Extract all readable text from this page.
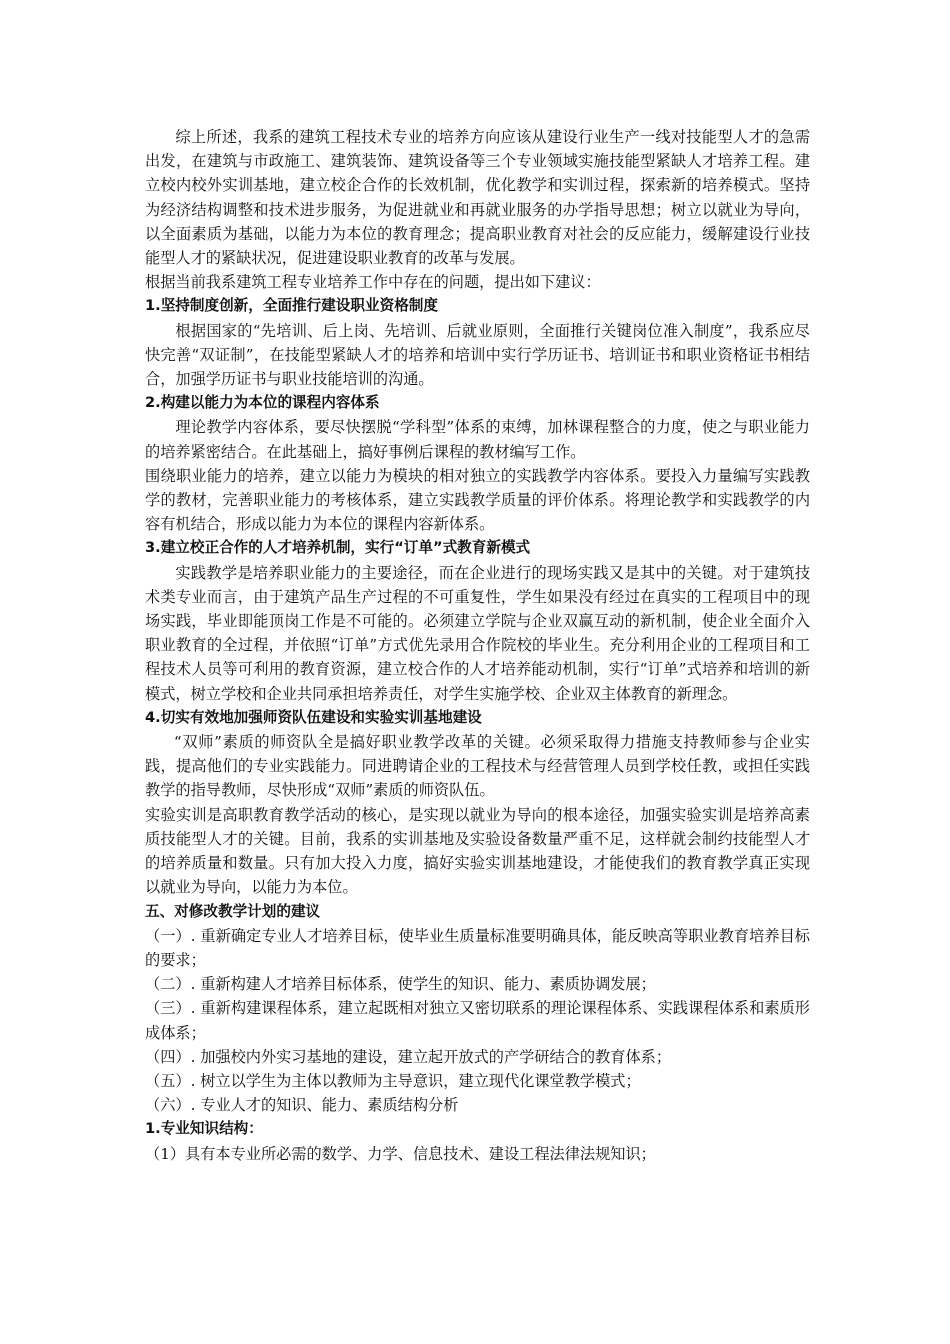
综上所述，我系的建筑工程技术专业的培养方向应该从建设行业生产一线对技能型人才的急需出发，在建筑与市政施工、建筑装饰、建筑设备等三个专业领域实施技能型紧缺人才培养工程。建立校内校外实训基地，建立校企合作的长效机制，优化教学和实训过程，探索新的培养模式。坚持为经济结构调整和技术进步服务，为促进就业和再就业服务的办学指导思想；树立以就业为导向，以全面素质为基础，以能力为本位的教育理念；提高职业教育对社会的反应能力，缓解建设行业技能型人才的紧缺状况，促进建设职业教育的改革与发展。

根据当前我系建筑工程专业培养工作中存在的问题，提出如下建议：

1.坚持制度创新，全面推行建设职业资格制度

根据国家的“先培训、后上岗、先培训、后就业原则，全面推行关键岗位准入制度”，我系应尽快完善“双证制”，在技能型紧缺人才的培养和培训中实行学历证书、培训证书和职业资格证书相结合，加强学历证书与职业技能培训的沟通。

2.构建以能力为本位的课程内容体系

理论教学内容体系，要尽快摆脱“学科型”体系的束缚，加林课程整合的力度，使之与职业能力的培养紧密结合。在此基础上，搞好事例后课程的教材编写工作。

围绕职业能力的培养，建立以能力为模块的相对独立的实践教学内容体系。要投入力量编写实践教学的教材，完善职业能力的考核体系，建立实践教学质量的评价体系。将理论教学和实践教学的内容有机结合，形成以能力为本位的课程内容新体系。

3.建立校正合作的人才培养机制，实行“订单”式教育新模式

实践教学是培养职业能力的主要途径，而在企业进行的现场实践又是其中的关键。对于建筑技术类专业而言，由于建筑产品生产过程的不可重复性，学生如果没有经过在真实的工程项目中的现场实践，毕业即能顶岗工作是不可能的。必须建立学院与企业双赢互动的新机制，使企业全面介入职业教育的全过程，并依照“订单”方式优先录用合作院校的毕业生。充分利用企业的工程项目和工程技术人员等可利用的教育资源，建立校合作的人才培养能动机制，实行“订单”式培养和培训的新模式，树立学校和企业共同承担培养责任，对学生实施学校、企业双主体教育的新理念。

4.切实有效地加强师资队伍建设和实验实训基地建设

“双师”素质的师资队全是搞好职业教学改革的关键。必须采取得力措施支持教师参与企业实践，提高他们的专业实践能力。同进聘请企业的工程技术与经营管理人员到学校任教，或担任实践教学的指导教师，尽快形成“双师”素质的师资队伍。

实验实训是高职教育教学活动的核心，是实现以就业为导向的根本途径，加强实验实训是培养高素质技能型人才的关键。目前，我系的实训基地及实验设备数量严重不足，这样就会制约技能型人才的培养质量和数量。只有加大投入力度，搞好实验实训基地建设，才能使我们的教育教学真正实现以就业为导向，以能力为本位。

五、对修改教学计划的建议

（一）. 重新确定专业人才培养目标，使毕业生质量标准要明确具体，能反映高等职业教育培养目标的要求；

（二）. 重新构建人才培养目标体系，使学生的知识、能力、素质协调发展；

（三）. 重新构建课程体系，建立起既相对独立又密切联系的理论课程体系、实践课程体系和素质形成体系；

（四）. 加强校内外实习基地的建设，建立起开放式的产学研结合的教育体系；

（五）. 树立以学生为主体以教师为主导意识，建立现代化课堂教学模式；

（六）. 专业人才的知识、能力、素质结构分析

1.专业知识结构：

（1）具有本专业所必需的数学、力学、信息技术、建设工程法律法规知识；
